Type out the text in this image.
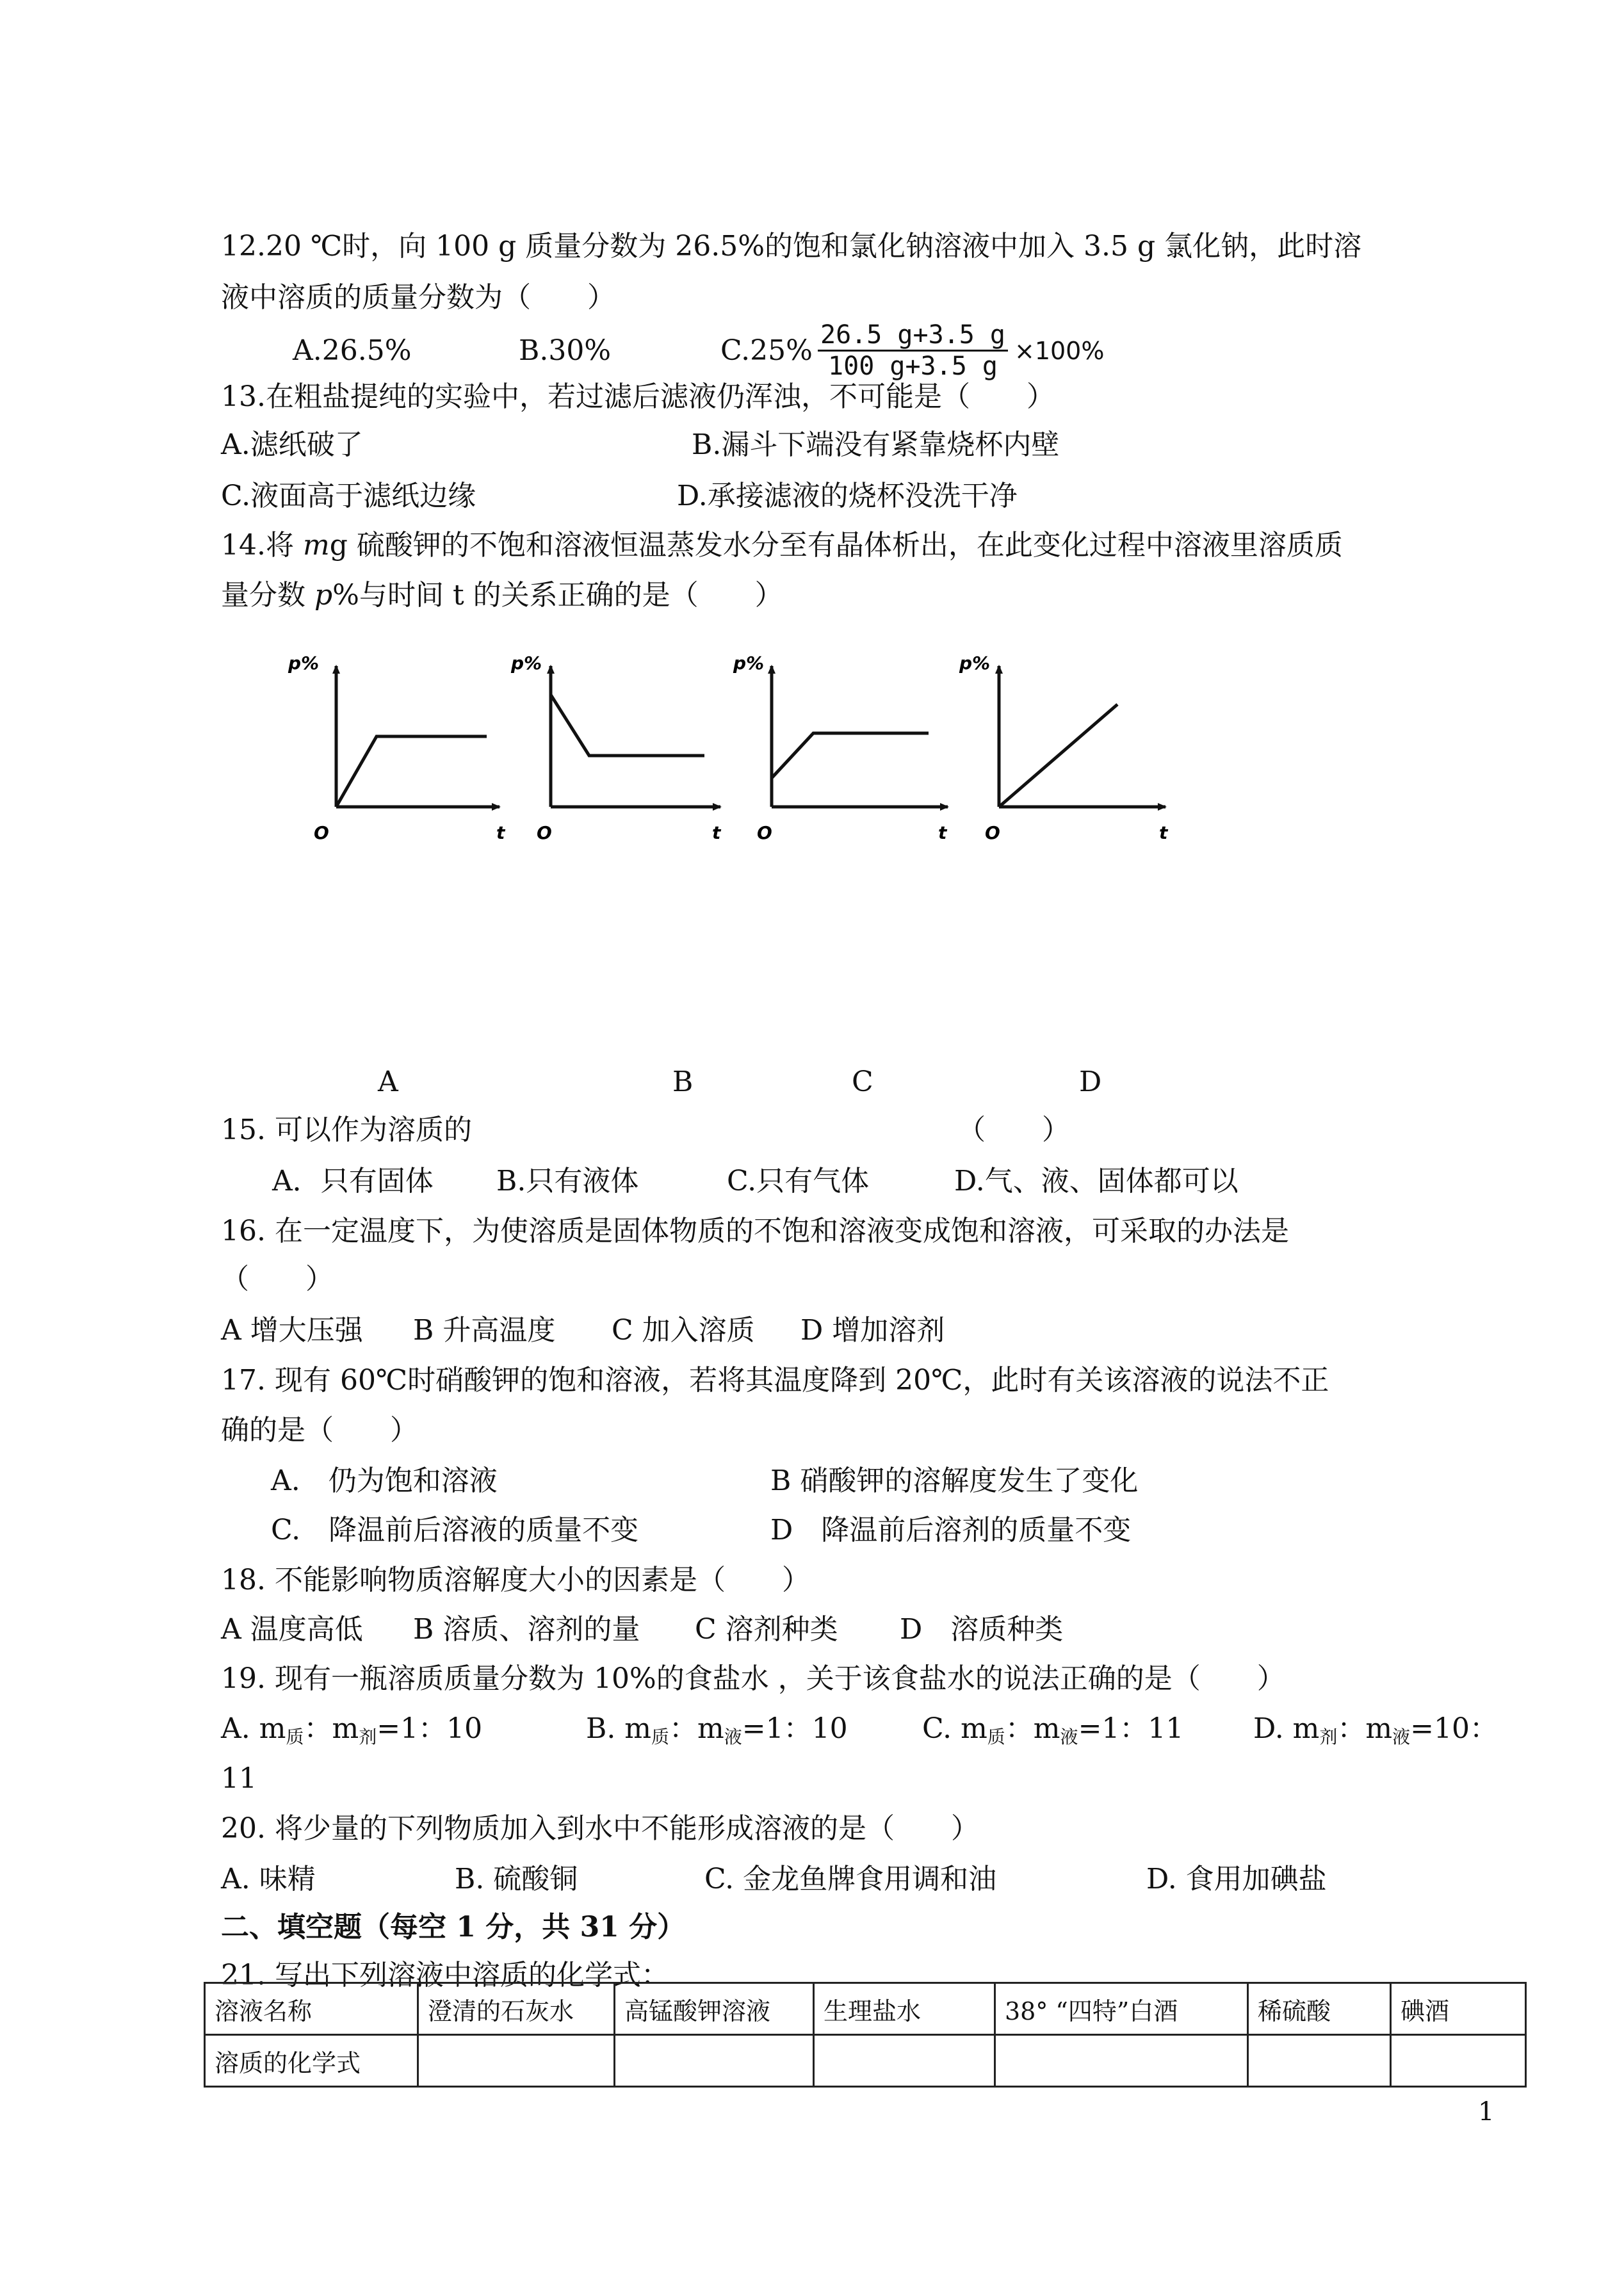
12.20 ℃时，向 100 g 质量分数为 26.5%的饱和氯化钠溶液中加入 3.5 g 氯化钠，此时溶
液中溶质的质量分数为（　　）
A.26.5%	B.30%	$C.25\% \frac{26.5 g+3.5 g}{100 g+3.5 g} \times 100\%$
13.在粗盐提纯的实验中，若过滤后滤液仍浑浊，不可能是（　　）
A.滤纸破了	B.漏斗下端没有紧靠烧杯内壁
C.液面高于滤纸边缘	D.承接滤液的烧杯没洗干净
14.将 mg 硫酸钾的不饱和溶液恒温蒸发水分至有晶体析出，在此变化过程中溶液里溶质质
量分数 p%与时间 t 的关系正确的是（　　）
p%
O	t
p%
O	t
p%
O	t
p%
O	t
A	B	C	D
15. 可以作为溶质的	（　　）
A．只有固体 B.只有液体	C.只有气体	D.气、液、固体都可以
16. 在一定温度下，为使溶质是固体物质的不饱和溶液变成饱和溶液，可采取的办法是
（　　）
A 增大压强 B 升高温度 C 加入溶质 D 增加溶剂
17. 现有 60℃时硝酸钾的饱和溶液，若将其温度降到 20℃，此时有关该溶液的说法不正
确的是（　　）
A.　仍为饱和溶液	B 硝酸钾的溶解度发生了变化
C.　降温前后溶液的质量不变	D　降温前后溶剂的质量不变
18. 不能影响物质溶解度大小的因素是（　　）
A 温度高低 B 溶质、溶剂的量 C 溶剂种类 D　溶质种类
19. 现有一瓶溶质质量分数为 10%的食盐水 ，关于该食盐水的说法正确的是（　　）
A. $m_质$：$m_剂=1$：10	B. $m_质$：$m_液=1$：10	C. $m_质$：$m_液=1$：11 D. $m_剂$：$m_液=10$：
11
20. 将少量的下列物质加入到水中不能形成溶液的是（　　）
A. 味精	B. 硫酸铜	C. 金龙鱼牌食用调和油	D. 食用加碘盐
二、填空题（每空 1 分，共 31 分）
21. 写出下列溶液中溶质的化学式：
溶液名称	澄清的石灰水	高锰酸钾溶液	生理盐水	38° “四特”白酒	稀硫酸	碘酒
溶质的化学式						
1
